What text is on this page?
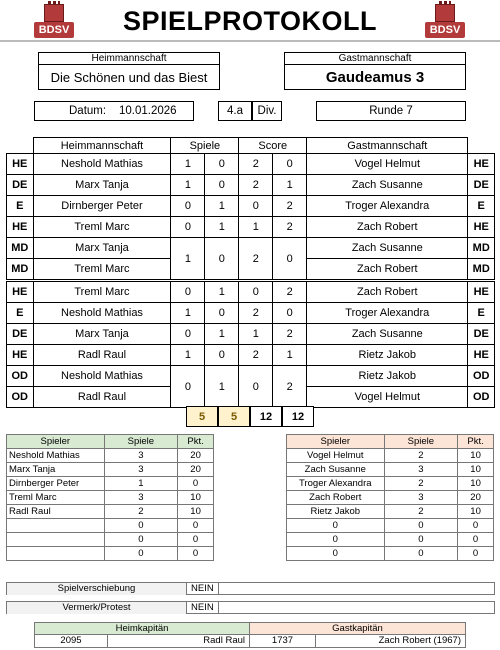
BDSV	SPIELPROTOKOLL	BDSV
Heimmannschaft
Die Schönen und das Biest
Gastmannschaft
Gaudeamus 3
Datum: 10.01.2026	4.a	Div.	Runde 7
	Heimmannschaft	Spiele		Score		Gastmannschaft	
HE	Neshold Mathias	1	0	2	0	Vogel Helmut	HE
DE	Marx Tanja	1	0	2	1	Zach Susanne	DE
E	Dirnberger Peter	0	1	0	2	Troger Alexandra	E
HE	Treml Marc	0	1	1	2	Zach Robert	HE
MD	Marx Tanja	1	0	2	0	Zach Susanne	MD
MD	Treml Marc					Zach Robert	MD
HE	Treml Marc	0	1	0	2	Zach Robert	HE
E	Neshold Mathias	1	0	2	0	Troger Alexandra	E
DE	Marx Tanja	0	1	1	2	Zach Susanne	DE
HE	Radl Raul	1	0	2	1	Rietz Jakob	HE
OD	Neshold Mathias	0	1	0	2	Rietz Jakob	OD
OD	Radl Raul					Vogel Helmut	OD
5	5	12	12
Spieler	Spiele	Pkt.
Neshold Mathias	3	20
Marx Tanja	3	20
Dirnberger Peter	1	0
Treml Marc	3	10
Radl Raul	2	10
	0	0
	0	0
	0	0
Spieler	Spiele	Pkt.
Vogel Helmut	2	10
Zach Susanne	3	10
Troger Alexandra	2	10
Zach Robert	3	20
Rietz Jakob	2	10
0	0	0
0	0	0
0	0	0
Spielverschiebung	NEIN
Vermerk/Protest	NEIN
Heimkapitän	Gastkapitän
2095	Radl Raul	1737	Zach Robert (1967)
